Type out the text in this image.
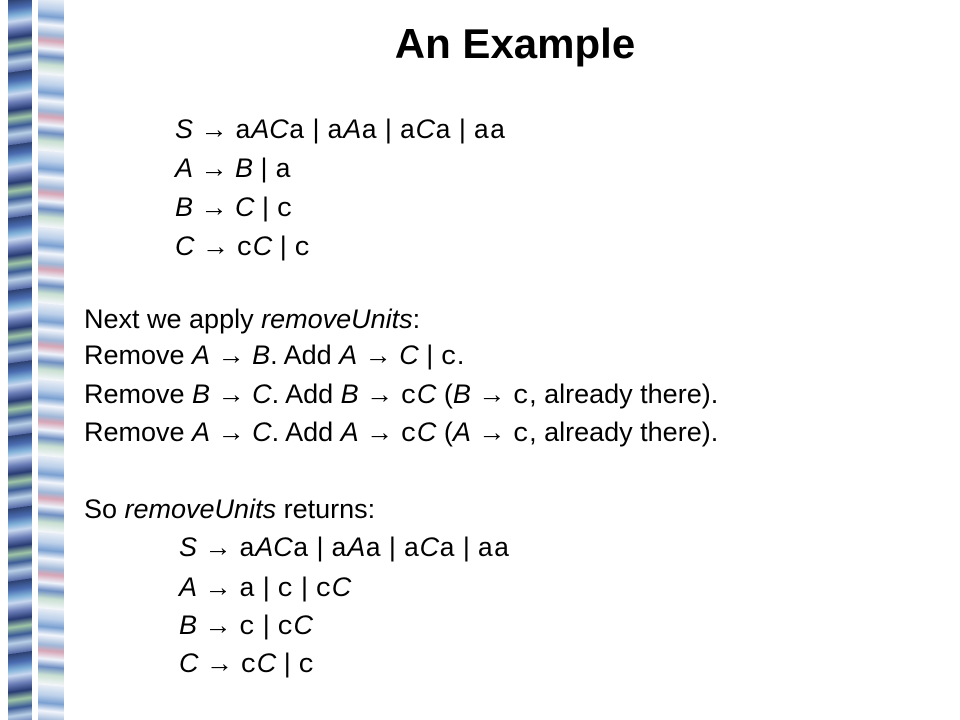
An Example
S → aACa | aAa | aCa | aa
A → B | a
B → C | c
C → cC | c
Next we apply removeUnits:
Remove A → B. Add A → C | c.
Remove B → C. Add B → cC (B → c, already there).
Remove A → C. Add A → cC (A → c, already there).
So removeUnits returns:
S → aACa | aAa | aCa | aa
A → a | c | cC
B → c | cC
C → cC | c
